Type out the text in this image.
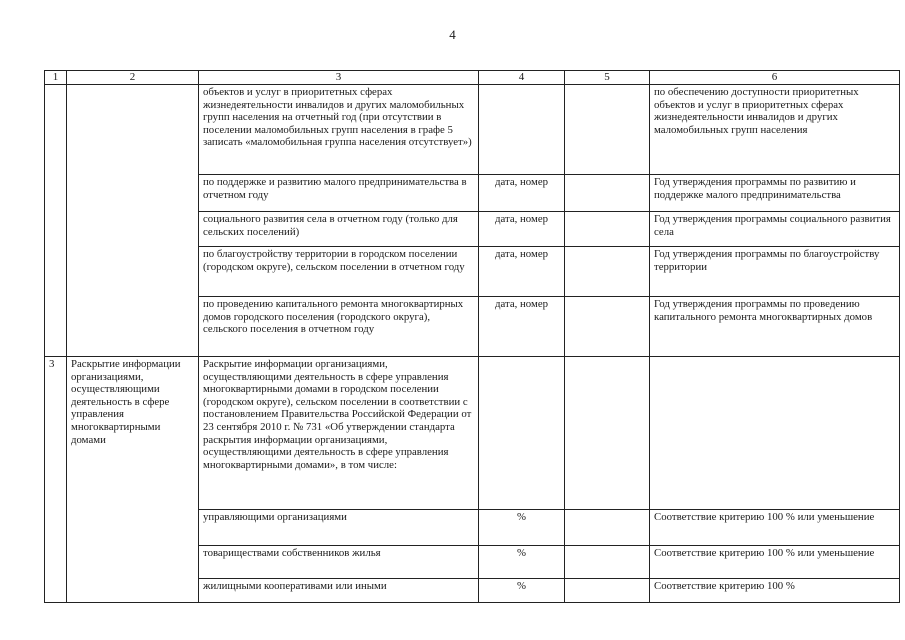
4
1	2	3	4	5	6
		объектов и услуг в приоритетных сферах жизнедеятельности инвалидов и других маломобильных групп населения на отчетный год (при отсутствии в поселении маломобильных групп населения в графе 5 записать «маломобильная группа населения отсутствует»)			по обеспечению доступности приоритетных объектов и услуг в приоритетных сферах жизнедеятельности инвалидов и других маломобильных групп населения
		по поддержке и развитию малого предпринимательства в отчетном году	дата, номер		Год утверждения программы по развитию и поддержке малого предпринимательства
		социального развития села в отчетном году (только для сельских поселений)	дата, номер		Год утверждения программы социального развития села
		по благоустройству территории в городском поселении (городском округе), сельском поселении в отчетном году	дата, номер		Год утверждения программы по благоустройству территории
		по проведению капитального ремонта многоквартирных домов городского поселения (городского округа), сельского поселения в отчетном году	дата, номер		Год утверждения программы по проведению капитального ремонта многоквартирных домов
3	Раскрытие информации организациями, осуществляющими деятельность в сфере управления многоквартирными домами	Раскрытие информации организациями, осуществляющими деятельность в сфере управления многоквартирными домами в городском поселении (городском округе), сельском поселении в соответствии с постановлением Правительства Российской Федерации от 23 сентября 2010 г. № 731 «Об утверждении стандарта раскрытия информации организациями, осуществляющими деятельность в сфере управления многоквартирными домами», в том числе:			
		управляющими организациями	%		Соответствие критерию 100 % или уменьшение
		товариществами собственников жилья	%		Соответствие критерию 100 % или уменьшение
		жилищными кооперативами или иными	%		Соответствие критерию 100 %
